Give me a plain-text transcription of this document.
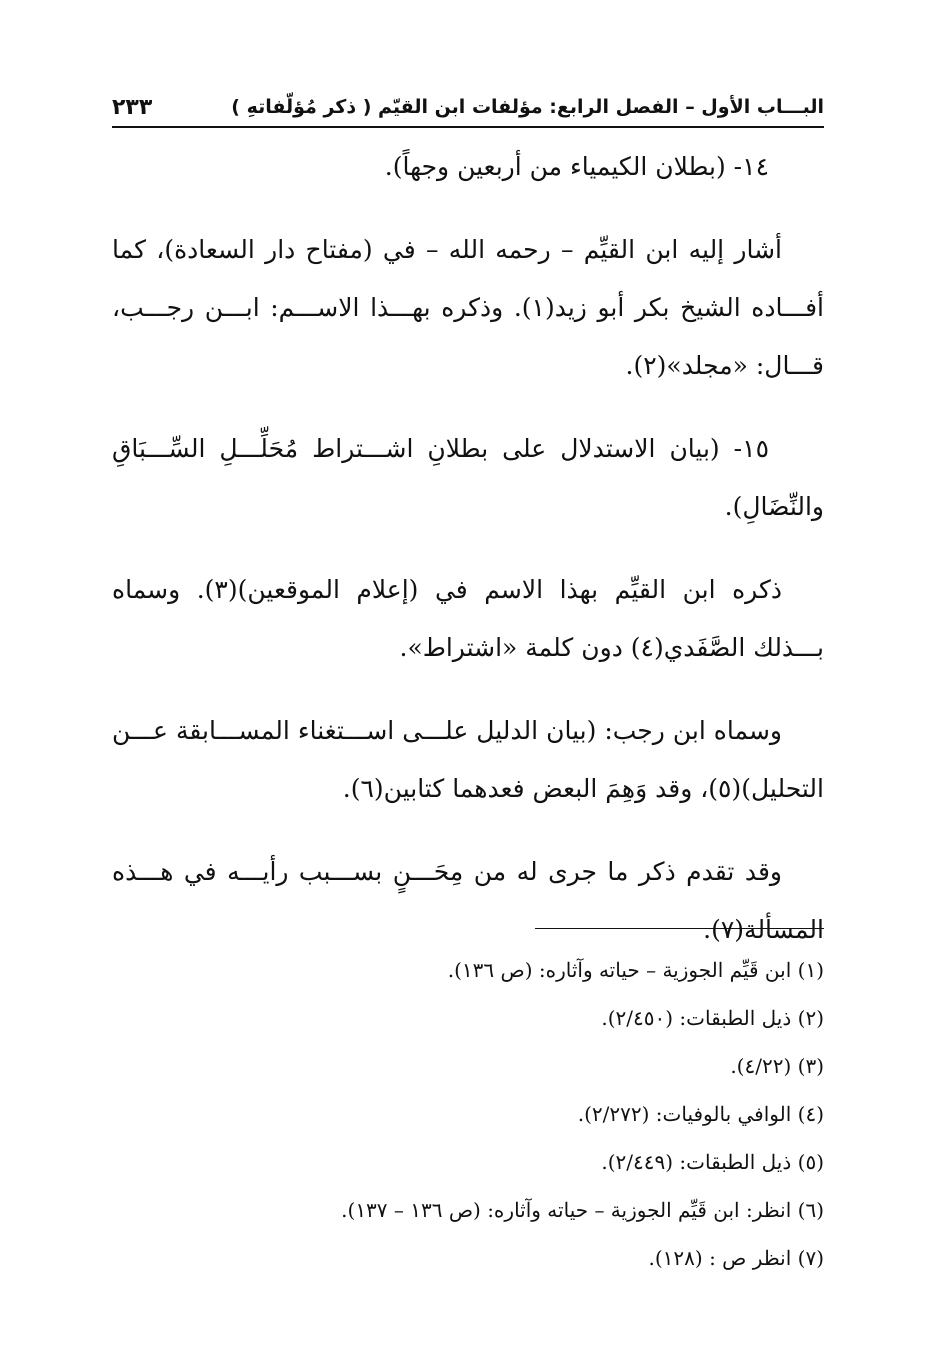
البـــاب الأول – الفصل الرابع: مؤلفات ابن القيّم ( ذكر مُؤلّفاتهِ )
٢٣٣

١٤- (بطلان الكيمياء من أربعين وجهاً).

أشار إليه ابن القيِّم – رحمه الله – في (مفتاح دار السعادة)، كما أفـــاده الشيخ بكر أبو زيد(١). وذكره بهـــذا الاســـم: ابـــن رجـــب، قـــال: «مجلد»(٢).

١٥- (بيان الاستدلال على بطلانِ اشـــتراط مُحَلِّـــلِ السِّـــبَاقِ والنِّضَالِ).

ذكره ابن القيِّم بهذا الاسم في (إعلام الموقعين)(٣). وسماه بـــذلك الصَّفَدي(٤) دون كلمة «اشتراط».

وسماه ابن رجب: (بيان الدليل علـــى اســـتغناء المســـابقة عـــن التحليل)(٥)، وقد وَهِمَ البعض فعدهما كتابين(٦).

وقد تقدم ذكر ما جرى له من مِحَـــنٍ بســـبب رأيـــه في هـــذه المسألة(٧).

(١) ابن قَيِّم الجوزية – حياته وآثاره: (ص ١٣٦).
(٢) ذيل الطبقات: (٢/٤٥٠).
(٣) (٤/٢٢).
(٤) الوافي بالوفيات: (٢/٢٧٢).
(٥) ذيل الطبقات: (٢/٤٤٩).
(٦) انظر: ابن قَيِّم الجوزية – حياته وآثاره: (ص ١٣٦ – ١٣٧).
(٧) انظر ص : (١٢٨).
